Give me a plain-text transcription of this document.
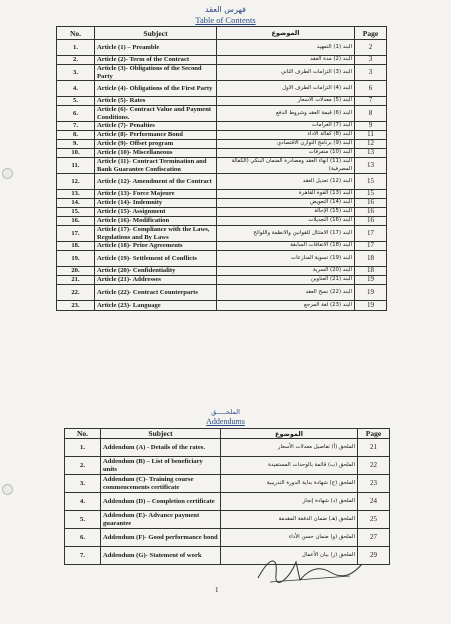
فهرس العقد
Table of Contents
No.	Subject	الموضوع	Page
1.	Article (1) – Preamble	البند (1) التمهيد	2
2.	Article (2)- Term of the Contract	البند (2) مدة العقد	3
3.	Article (3)- Obligations of the Second Party	البند (3) التزامات الطرف الثاني	3
4.	Article (4)- Obligations of the First Party	البند (4) التزامات الطرف الاول	6
5.	Article (5)- Rates	البند (5) معدلات الاسعار	7
6.	Article (6)- Contract Value and Payment Conditions.	البند (6) قيمة العقد وشروط الدفع	8
7.	Article (7)- Penalties	البند (7) الغرامات	9
8.	Article (8)- Performance Bond	البند (8) كفالة الأداء	11
9.	Article (9)- Offset program	البند (9) برنامج التوازن الاقتصادي	12
10.	Article (10)- Miscellaneous	البند (10) متفرقات	13
11.	Article (11)- Contract Termination and Bank Guarantee Confiscation	البند (11) انهاء العقد ومصادرة الضمان البنكي (الكفالة المصرفية)	13
12.	Article (12)- Amendment of the Contract	البند (12) تعديل العقد	15
13.	Article (13)- Force Majeure	البند (13) القوة القاهرة	15
14.	Article (14)- Indemnity	البند (14) التعويض	16
15.	Article (15)- Assignment	البند (15) الإحالة	16
16.	Article (16)- Modification	البند (16) التعديلات	16
17.	Article (17)- Compliance with the Laws, Regulations and By Laws	البند (17) الامتثال للقوانين والانظمة واللوائح	17
18.	Article (18)- Prior Agreements	البند (18) الاتفاقات السابقة	17
19.	Article (19)- Settlement of Conflicts	البند (19) تسوية المنازعات	18
20.	Article (20)- Confidentiality	البند (20) السرية	18
21.	Article (21)- Addresses	البند (21) العناوين	19
22.	Article (22)- Contract Counterparts	البند (22) نسخ العقد	19
23.	Article (23)- Language	البند (23) لغة المرجع	19
الملحـــــق
Addendums
No.	Subject	الموضوع	Page
1.	Addendum (A) - Details of the rates.	الملحق (أ) تفاصيل معدلات الأسعار	21
2.	Addendum (B) – List of beneficiary units	الملحق (ب) قائمة بالوحدات المستفيدة	22
3.	Addendum (C)- Training course commencements certificate	الملحق (ج) شهادة بداية الدورة التدريبية	23
4.	Addendum (D) – Completion certificate	الملحق (د) شهادة إنجاز	24
5.	Addendum (E)- Advance payment guarantee	الملحق (هـ) ضمان الدفعة المقدمة	25
6.	Addendum (F)- Good performance bond	الملحق (و) ضمان حسن الأداء	27
7.	Addendum (G)- Statement of work	الملحق (ز) بيان الأعمال	29
1
